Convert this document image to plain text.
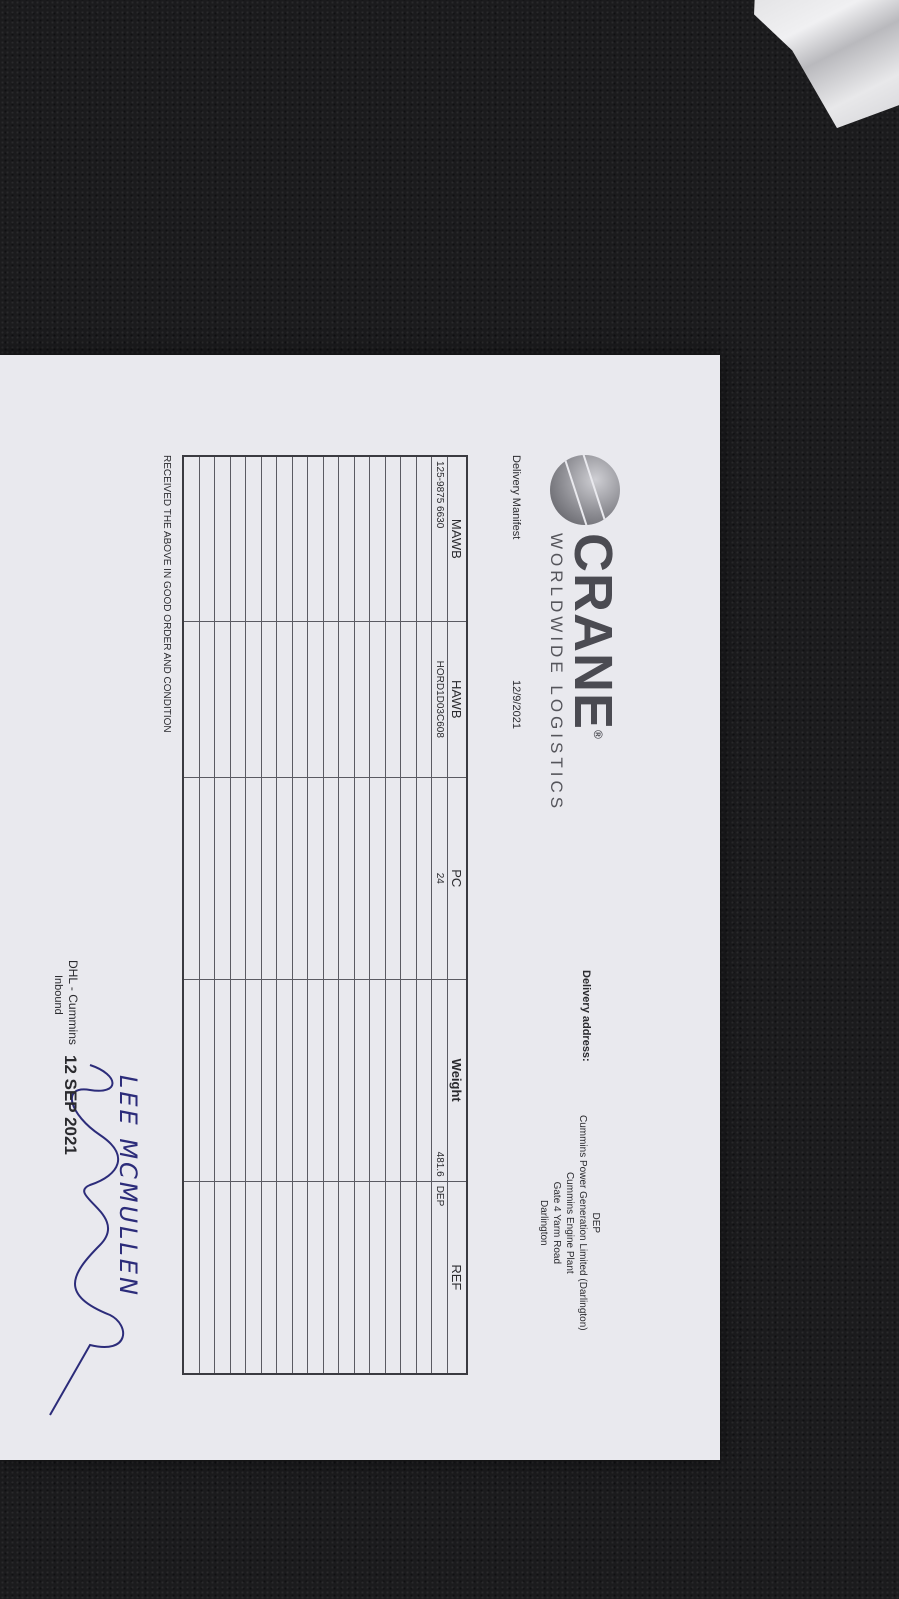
CRANE®
WORLDWIDE LOGISTICS
Delivery Manifest
12/9/2021
Delivery address:
DEP
Cummins Power Generation Limited (Darlington)
Cummins Engine Plant
Gate 4 Yarm Road
Darlington
MAWB	HAWB	PC	Weight	REF
125-9875 6630	HORD1D03C608	24	481.6	DEP

RECEIVED THE ABOVE IN GOOD ORDER AND CONDITION
LEE MCMULLEN
12 SEP 2021
DHL - Cummins
Inbound
